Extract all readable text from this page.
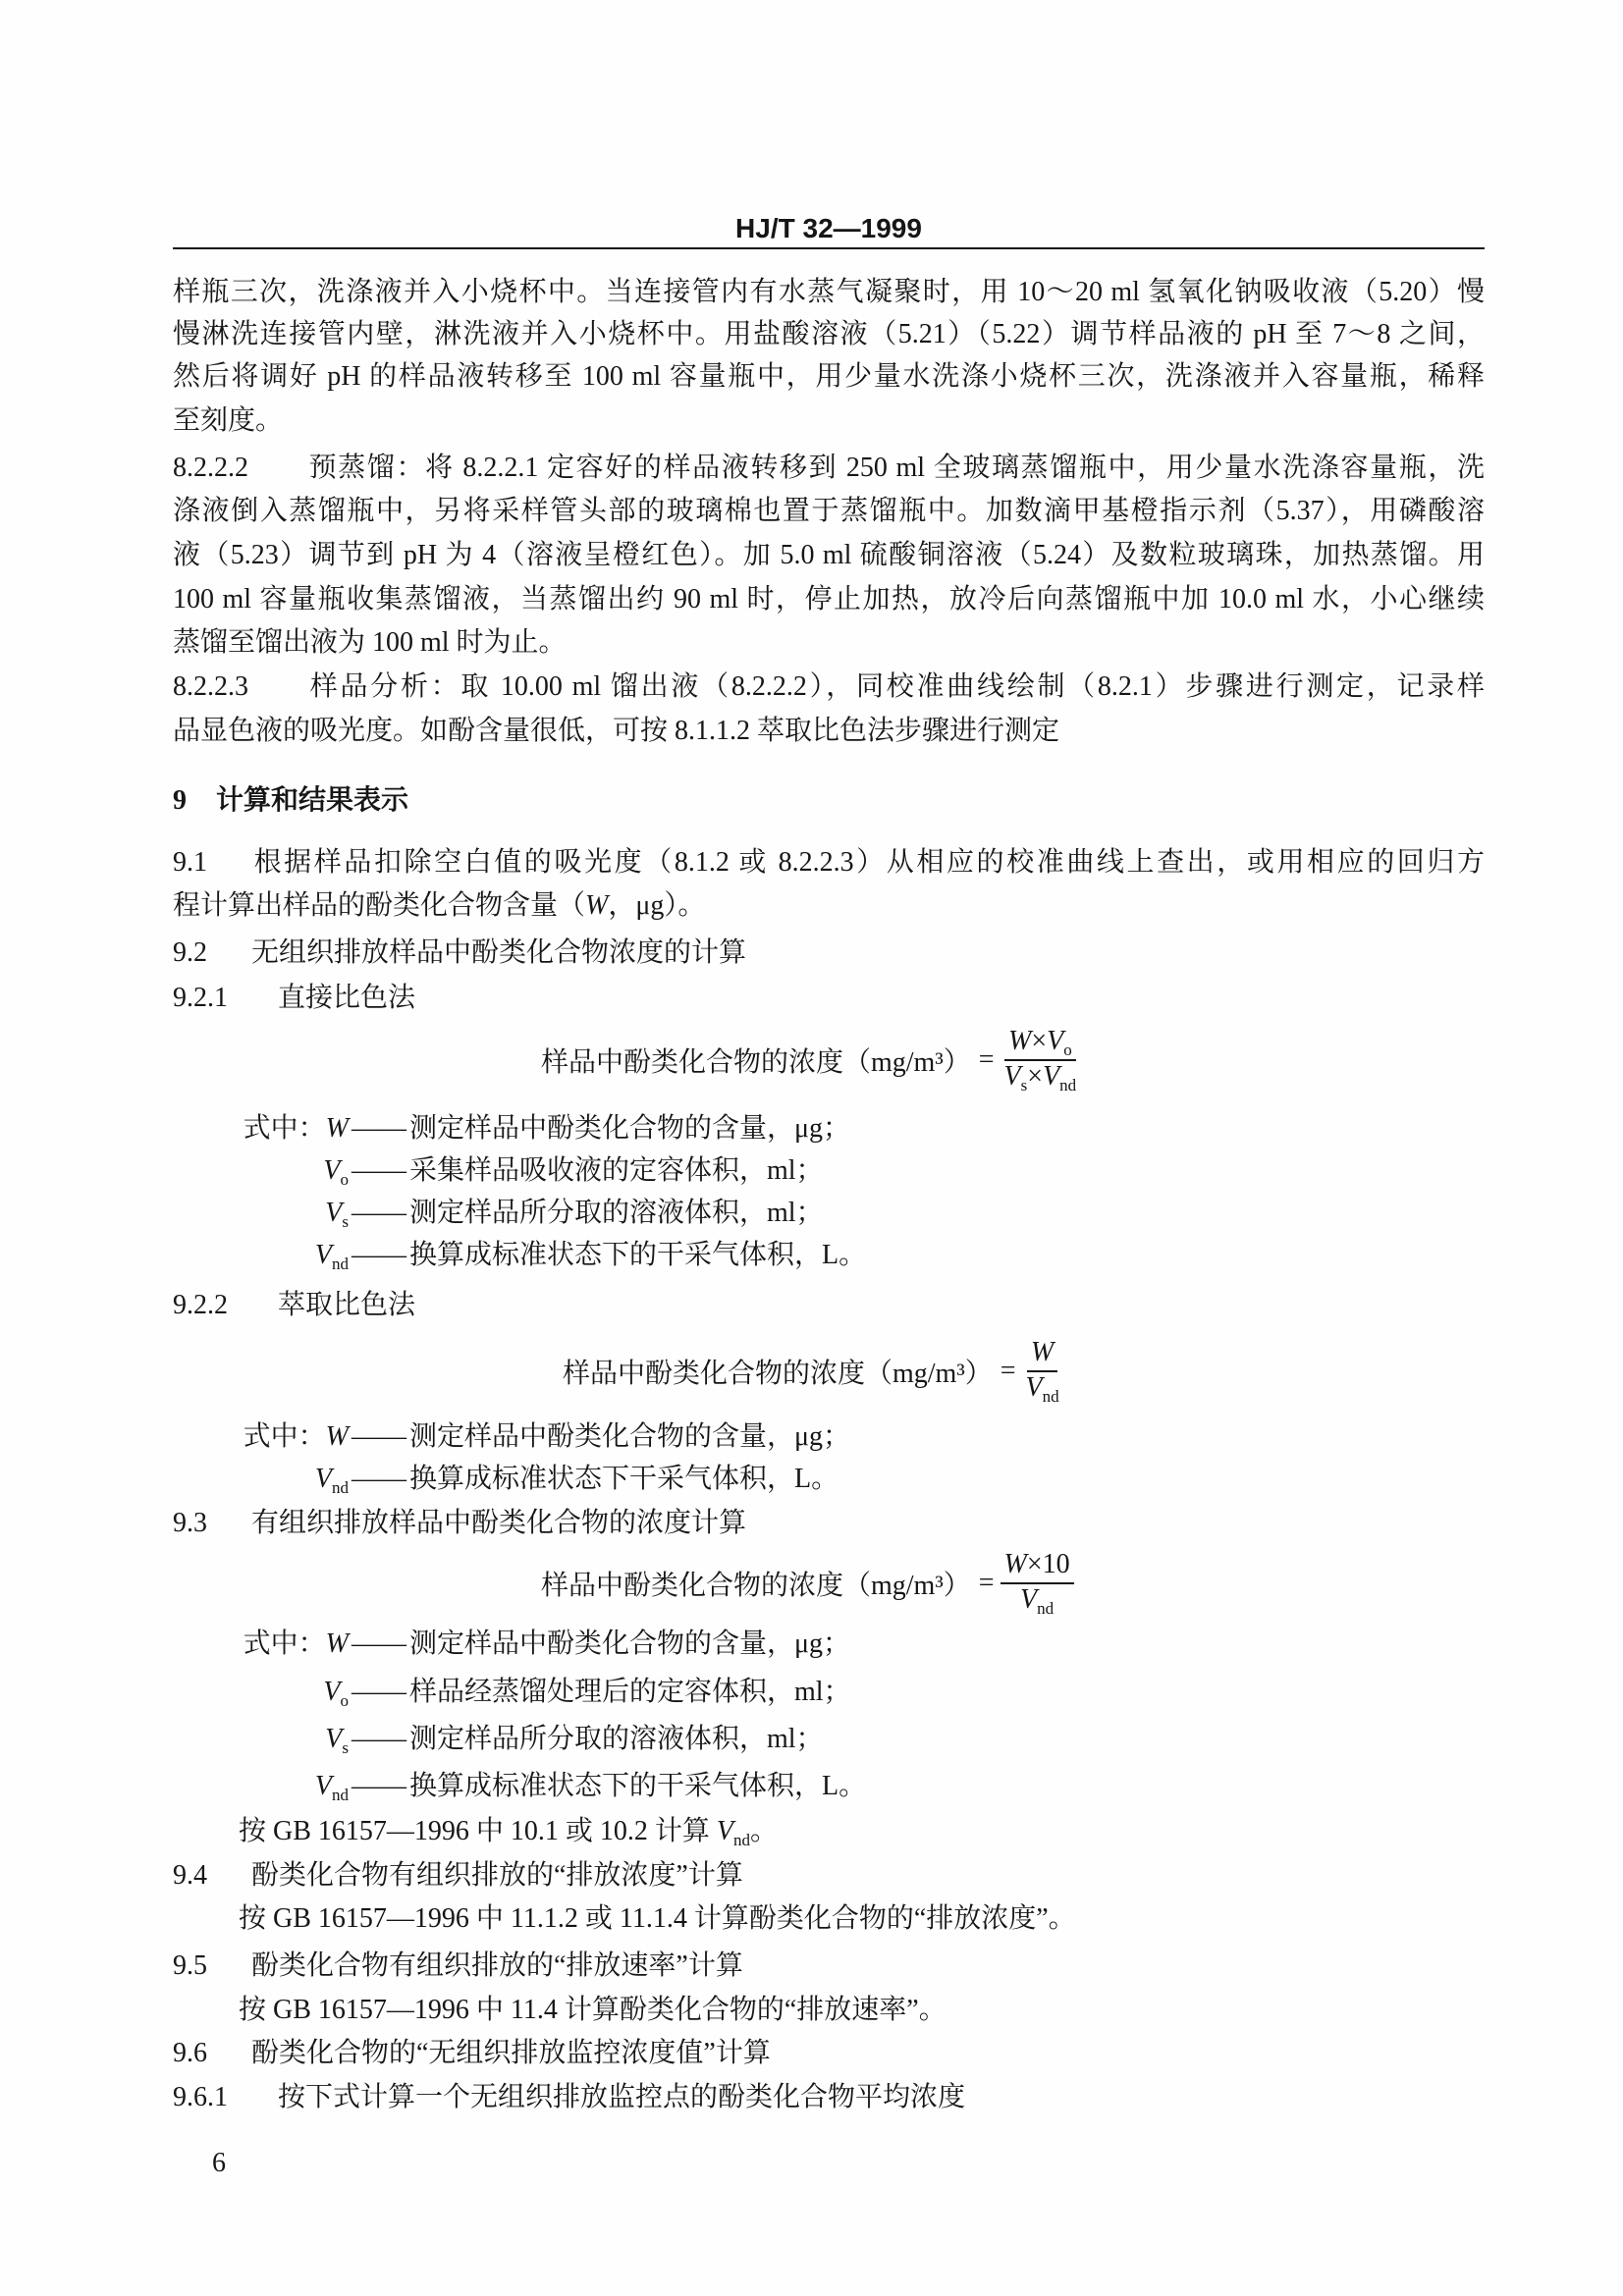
HJ/T 32—1999
样瓶三次，洗涤液并入小烧杯中。当连接管内有水蒸气凝聚时，用 10～20 ml 氢氧化钠吸收液（5.20）慢
慢淋洗连接管内壁，淋洗液并入小烧杯中。用盐酸溶液（5.21）（5.22）调节样品液的 pH 至 7～8 之间，
然后将调好 pH 的样品液转移至 100 ml 容量瓶中，用少量水洗涤小烧杯三次，洗涤液并入容量瓶，稀释
至刻度。
8.2.2.2 预蒸馏：将 8.2.2.1 定容好的样品液转移到 250 ml 全玻璃蒸馏瓶中，用少量水洗涤容量瓶，洗
涤液倒入蒸馏瓶中，另将采样管头部的玻璃棉也置于蒸馏瓶中。加数滴甲基橙指示剂（5.37），用磷酸溶
液（5.23）调节到 pH 为 4（溶液呈橙红色）。加 5.0 ml 硫酸铜溶液（5.24）及数粒玻璃珠，加热蒸馏。用
100 ml 容量瓶收集蒸馏液，当蒸馏出约 90 ml 时，停止加热，放冷后向蒸馏瓶中加 10.0 ml 水，小心继续
蒸馏至馏出液为 100 ml 时为止。
8.2.2.3 样品分析：取 10.00 ml 馏出液（8.2.2.2），同校准曲线绘制（8.2.1）步骤进行测定，记录样
品显色液的吸光度。如酚含量很低，可按 8.1.1.2 萃取比色法步骤进行测定
9 计算和结果表示
9.1 根据样品扣除空白值的吸光度（8.1.2 或 8.2.2.3）从相应的校准曲线上查出，或用相应的回归方
程计算出样品的酚类化合物含量（W，μg）。
9.2 无组织排放样品中酚类化合物浓度的计算
9.2.1 直接比色法
样品中酚类化合物的浓度$(mg/m^3) = \frac{W\times V_o}{V_s\times V_{nd}}$
式中：W —— 测定样品中酚类化合物的含量，μg；
$V_o$ —— 采集样品吸收液的定容体积，ml；
$V_s$ —— 测定样品所分取的溶液体积，ml；
$V_{nd}$ —— 换算成标准状态下的干采气体积，L。
9.2.2 萃取比色法
样品中酚类化合物的浓度$(mg/m^3) = \frac{W}{V_{nd}}$
式中：W —— 测定样品中酚类化合物的含量，μg；
$V_{nd}$ —— 换算成标准状态下干采气体积，L。
9.3 有组织排放样品中酚类化合物的浓度计算
样品中酚类化合物的浓度$(mg/m^3) = \frac{W\times 10}{V_{nd}}$
式中：W —— 测定样品中酚类化合物的含量，μg；
$V_o$ —— 样品经蒸馏处理后的定容体积，ml；
$V_s$ —— 测定样品所分取的溶液体积，ml；
$V_{nd}$ —— 换算成标准状态下的干采气体积，L。
按 GB 16157—1996 中 10.1 或 10.2 计算 $V_{nd}$。
9.4 酚类化合物有组织排放的“排放浓度”计算
按 GB 16157—1996 中 11.1.2 或 11.1.4 计算酚类化合物的“排放浓度”。
9.5 酚类化合物有组织排放的“排放速率”计算
按 GB 16157—1996 中 11.4 计算酚类化合物的“排放速率”。
9.6 酚类化合物的“无组织排放监控浓度值”计算
9.6.1 按下式计算一个无组织排放监控点的酚类化合物平均浓度
6
